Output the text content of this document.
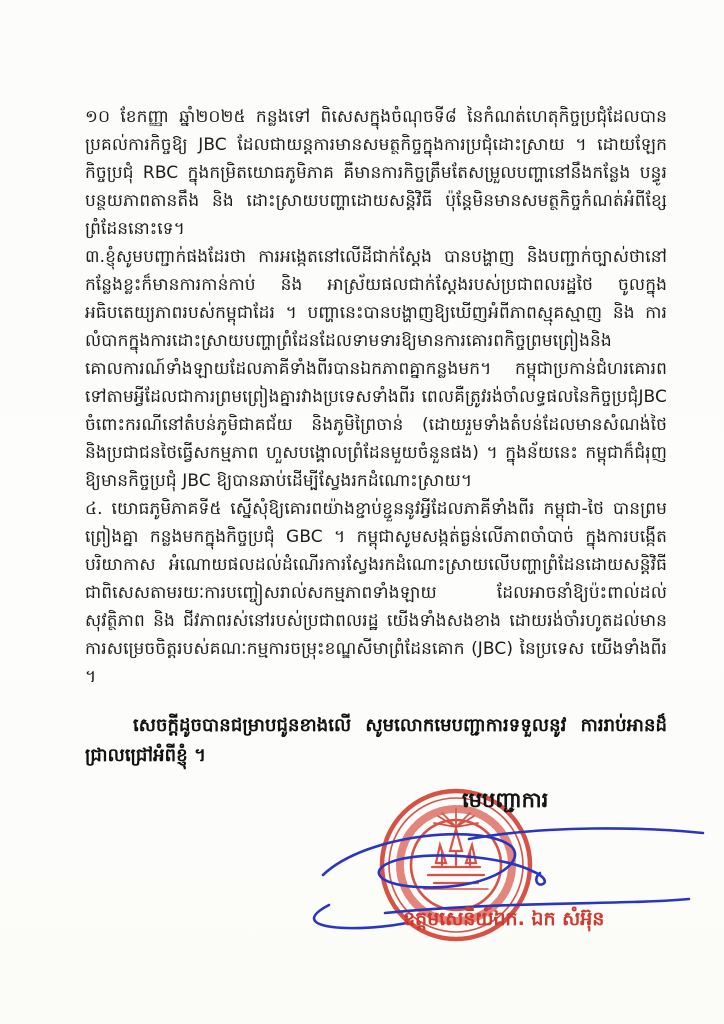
១០ ខែកញ្ញា ឆ្នាំ២០២៥ កន្លងទៅ ពិសេសក្នុងចំណុចទី៨ នៃកំណត់ហេតុកិច្ចប្រជុំដែលបានប្រគល់ការកិច្ចឱ្យ JBC ដែលជាយន្តការមានសមត្ថកិច្ចក្នុងការប្រជុំដោះស្រាយ ។ ដោយឡែក កិច្ចប្រជុំ RBC ក្នុងកម្រិតយោធភូមិភាគ គឺមានការកិច្ចត្រឹមតែសម្រួលបញ្ហានៅនឹងកន្លែង បន្ធូរបន្ថយភាពតានតឹង និង ដោះស្រាយបញ្ហាដោយសន្តិវិធី ប៉ុន្តែមិនមានសមត្ថកិច្ចកំណត់អំពីខ្សែព្រំដែននោះទេ។

៣.ខ្ញុំសូមបញ្ជាក់ផងដែរថា ការអង្កេតនៅលើដីជាក់ស្តែង បានបង្ហាញ និងបញ្ជាក់ច្បាស់ថានៅកន្លែងខ្លះក៏មានការកាន់កាប់ និង អាស្រ័យផលជាក់ស្តែងរបស់ប្រជាពលរដ្ឋថៃ ចូលក្នុងអធិបតេយ្យភាពរបស់កម្ពុជាដែរ ។ បញ្ហានេះបានបង្ហាញឱ្យឃើញអំពីភាពស្មុគស្មាញ និង ការលំបាកក្នុងការដោះស្រាយបញ្ហាព្រំដែនដែលទាមទារឱ្យមានការគោរពកិច្ចព្រមព្រៀងនិងគោលការណ៍ទាំងឡាយដែលភាគីទាំងពីរបានឯកភាពគ្នាកន្លងមក។ កម្ពុជាប្រកាន់ជំហរគោរពទៅតាមអ្វីដែលជាការព្រមព្រៀងគ្នារវាងប្រទេសទាំងពីរ ពេលគឺត្រូវរង់ចាំលទ្ធផលនៃកិច្ចប្រជុំJBC ចំពោះករណីនៅតំបន់ភូមិជាគជ័យ និងភូមិព្រៃចាន់ (ដោយរួមទាំងតំបន់ដែលមានសំណង់ថៃ និងប្រជាជនថៃធ្វើសកម្មភាព ហួសបង្គោលព្រំដែនមួយចំនួនផង) ។ ក្នុងន័យនេះ កម្ពុជាក៏ជំរុញឱ្យមានកិច្ចប្រជុំ JBC ឱ្យបានឆាប់ដើម្បីស្វែងរកដំណោះស្រាយ។

៤. យោធភូមិភាគទី៥ ស្នើសុំឱ្យគោរពយ៉ាងខ្ជាប់ខ្ជួននូវអ្វីដែលភាគីទាំងពីរ កម្ពុជា-ថៃ បានព្រមព្រៀងគ្នា កន្លងមកក្នុងកិច្ចប្រជុំ GBC ។ កម្ពុជាសូមសង្កត់ធ្ងន់លើភាពចាំបាច់ ក្នុងការបង្កើតបរិយាកាស អំណោយផលដល់ដំណើរការស្វែងរកដំណោះស្រាយលើបញ្ហាព្រំដែនដោយសន្តិវិធី ជាពិសេសតាមរយៈការបញ្ចៀសរាល់សកម្មភាពទាំងឡាយ ដែលអាចនាំឱ្យប៉ះពាល់ដល់សុវត្ថិភាព និង ជីវភាពរស់នៅរបស់ប្រជាពលរដ្ឋ យើងទាំងសងខាង ដោយរង់ចាំរហូតដល់មានការសម្រេចចិត្តរបស់គណៈកម្មការចម្រុះខណ្ឌសីមាព្រំដែនគោក (JBC) នៃប្រទេស យើងទាំងពីរ ។

សេចក្តីដូចបានជម្រាបជូនខាងលើ សូមលោកមេបញ្ជាការទទួលនូវ ការរាប់អានដ៏ជ្រាលជ្រៅអំពីខ្ញុំ ។

មេបញ្ជាការ
ឧត្តមសេនីយ៍ឯក. ឯក សំអ៊ុន
